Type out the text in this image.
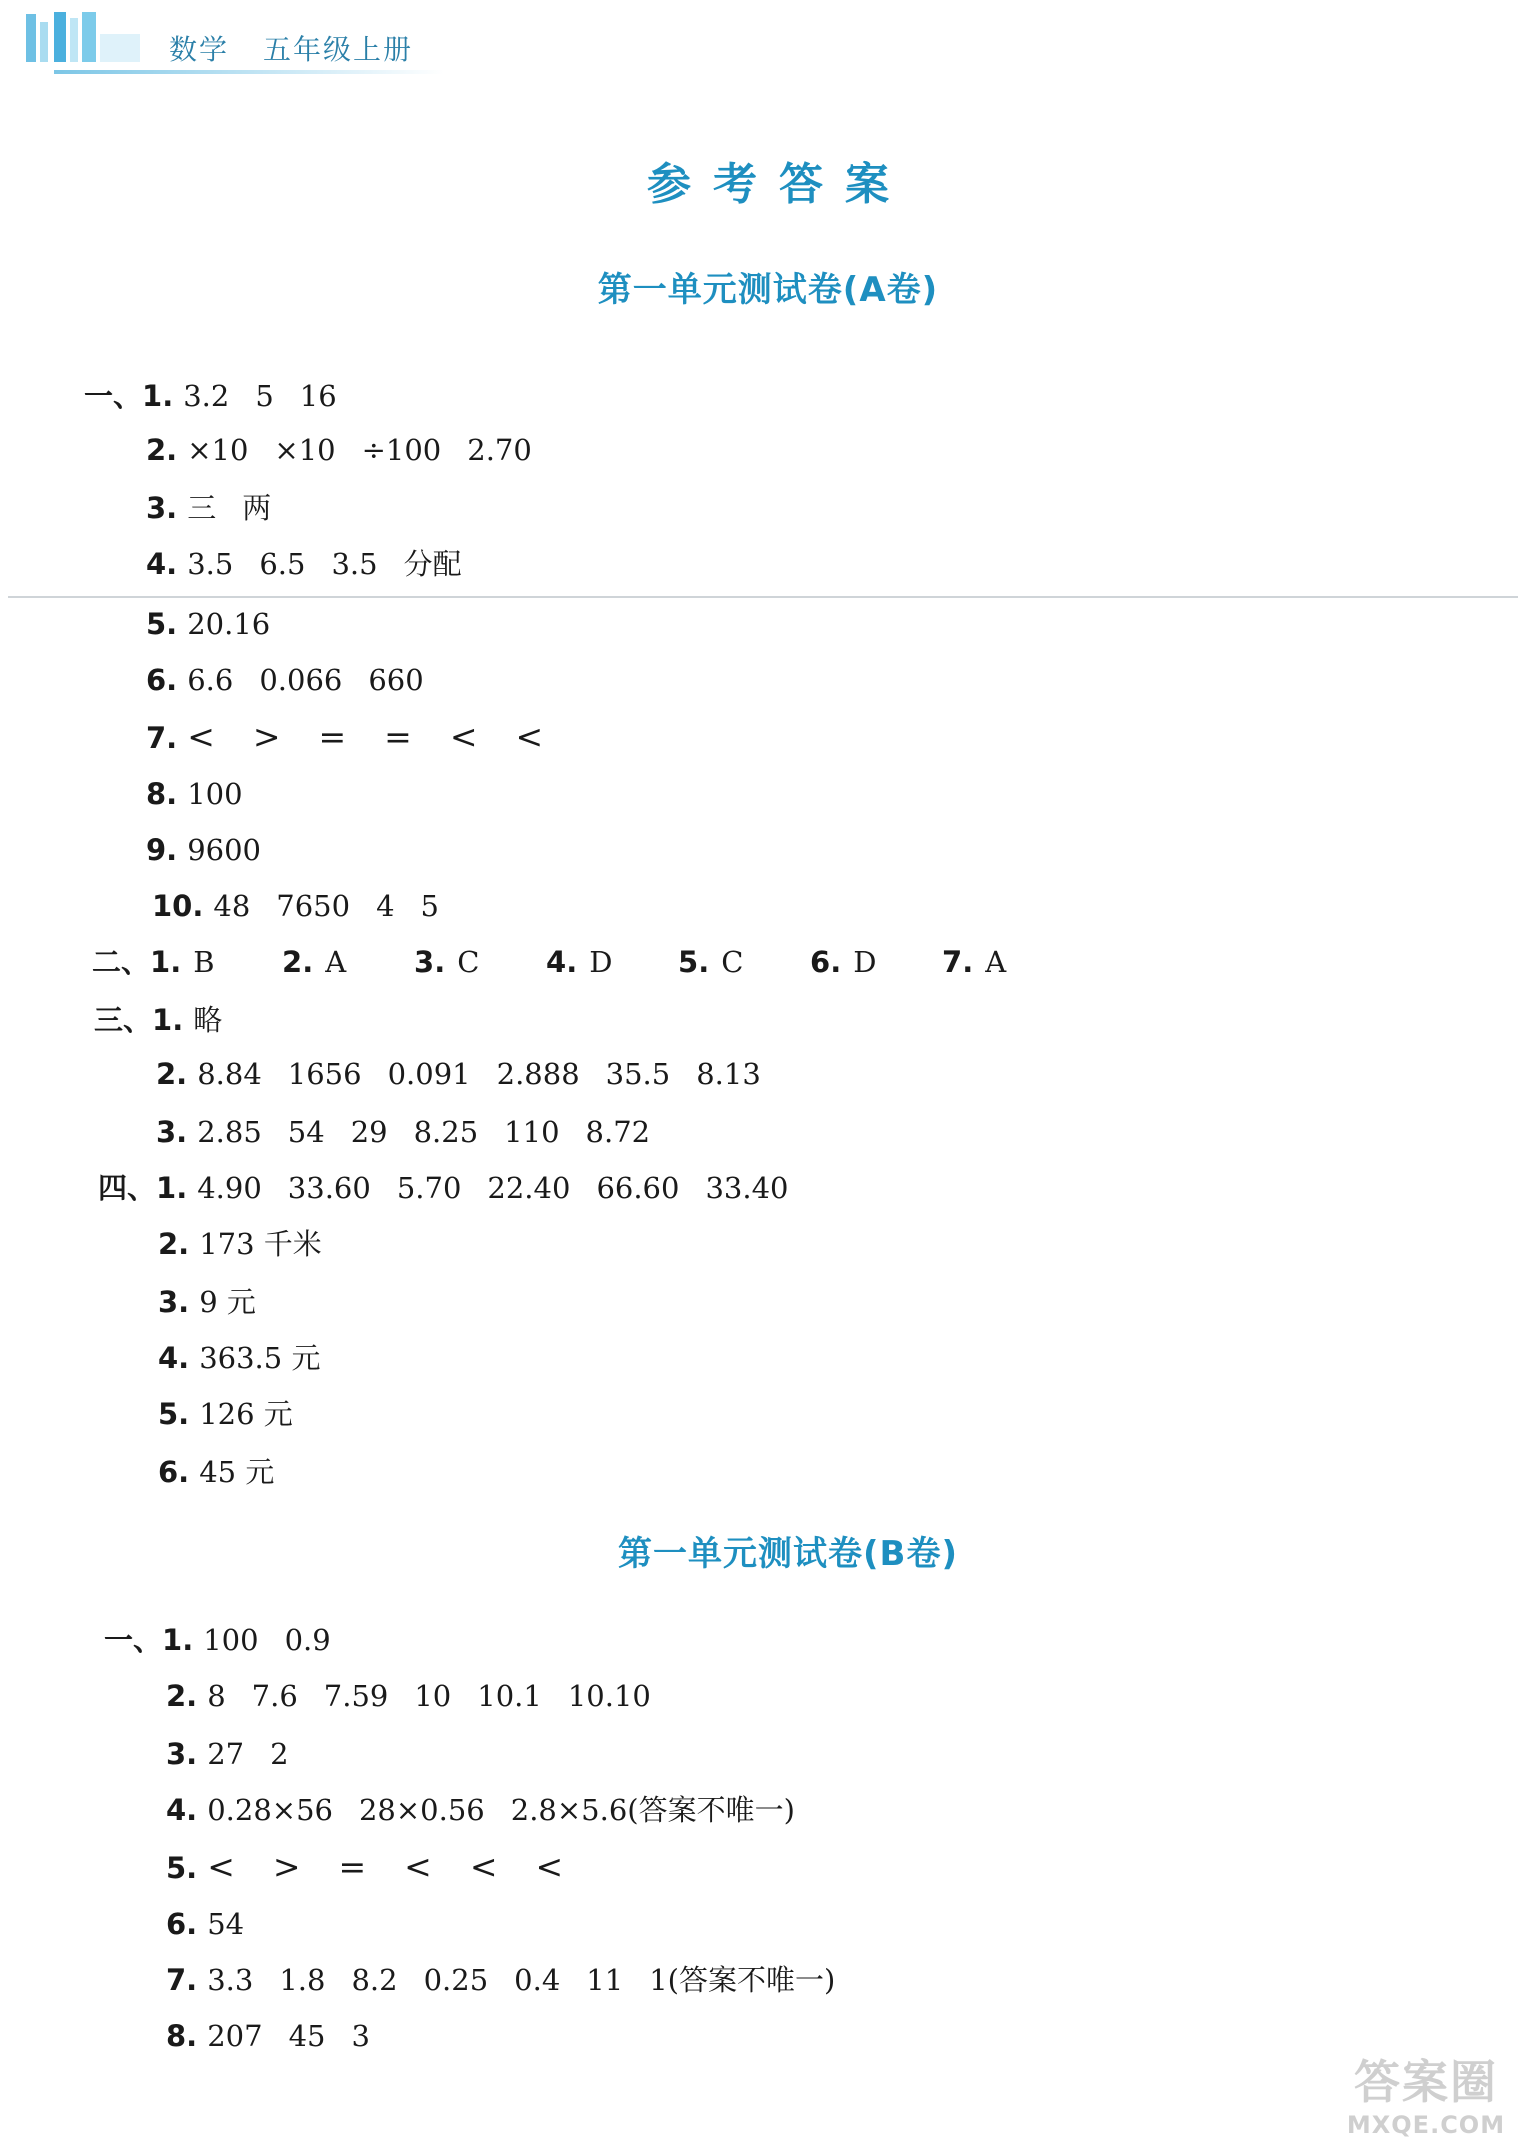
数学 五年级上册
参考答案
第一单元测试卷(A卷)
一、1. 3.2 5 16
2. ×10 ×10 ÷100 2.70
3. 三 两
4. 3.5 6.5 3.5 分配
5. 20.16
6. 6.6 0.066 660
7. < > = = < <
8. 100
9. 9600
10. 48 7650 4 5
二、1. B 2. A 3. C 4. D 5. C 6. D 7. A
三、1. 略
2. 8.84 1656 0.091 2.888 35.5 8.13
3. 2.85 54 29 8.25 110 8.72
四、1. 4.90 33.60 5.70 22.40 66.60 33.40
2. 173 千米
3. 9 元
4. 363.5 元
5. 126 元
6. 45 元
第一单元测试卷(B卷)
一、1. 100 0.9
2. 8 7.6 7.59 10 10.1 10.10
3. 27 2
4. 0.28×56 28×0.56 2.8×5.6(答案不唯一)
5. < > = < < <
6. 54
7. 3.3 1.8 8.2 0.25 0.4 11 1(答案不唯一)
8. 207 45 3
答案圈
MXQE.COM
